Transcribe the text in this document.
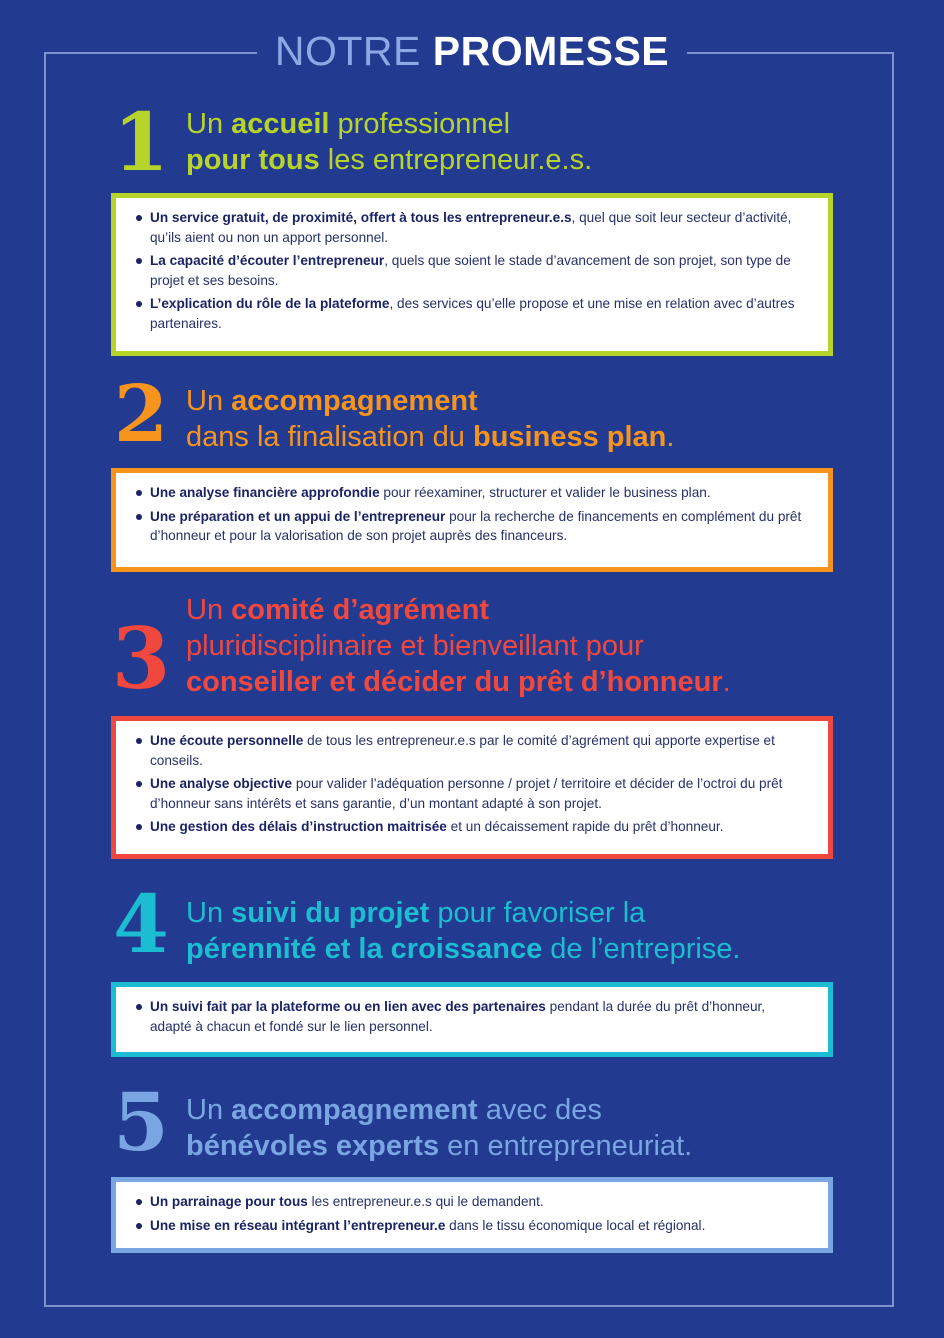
NOTRE PROMESSE
1 Un accueil professionnel
pour tous les entrepreneur.e.s.
Un service gratuit, de proximité, offert à tous les entrepreneur.e.s, quel que soit leur secteur d’activité, qu’ils aient ou non un apport personnel.
La capacité d’écouter l’entrepreneur, quels que soient le stade d’avancement de son projet, son type de projet et ses besoins.
L’explication du rôle de la plateforme, des services qu’elle propose et une mise en relation avec d’autres partenaires.
2 Un accompagnement
dans la finalisation du business plan.
Une analyse financière approfondie pour réexaminer, structurer et valider le business plan.
Une préparation et un appui de l’entrepreneur pour la recherche de financements en complément du prêt d’honneur et pour la valorisation de son projet auprès des financeurs.
3 Un comité d’agrément
pluridisciplinaire et bienveillant pour
conseiller et décider du prêt d’honneur.
Une écoute personnelle de tous les entrepreneur.e.s par le comité d’agrément qui apporte expertise et conseils.
Une analyse objective pour valider l’adéquation personne / projet / territoire et décider de l’octroi du prêt d’honneur sans intérêts et sans garantie, d’un montant adapté à son projet.
Une gestion des délais d’instruction maitrisée et un décaissement rapide du prêt d’honneur.
4 Un suivi du projet pour favoriser la
pérennité et la croissance de l’entreprise.
Un suivi fait par la plateforme ou en lien avec des partenaires pendant la durée du prêt d’honneur, adapté à chacun et fondé sur le lien personnel.
5 Un accompagnement avec des
bénévoles experts en entrepreneuriat.
Un parrainage pour tous les entrepreneur.e.s qui le demandent.
Une mise en réseau intégrant l’entrepreneur.e dans le tissu économique local et régional.
